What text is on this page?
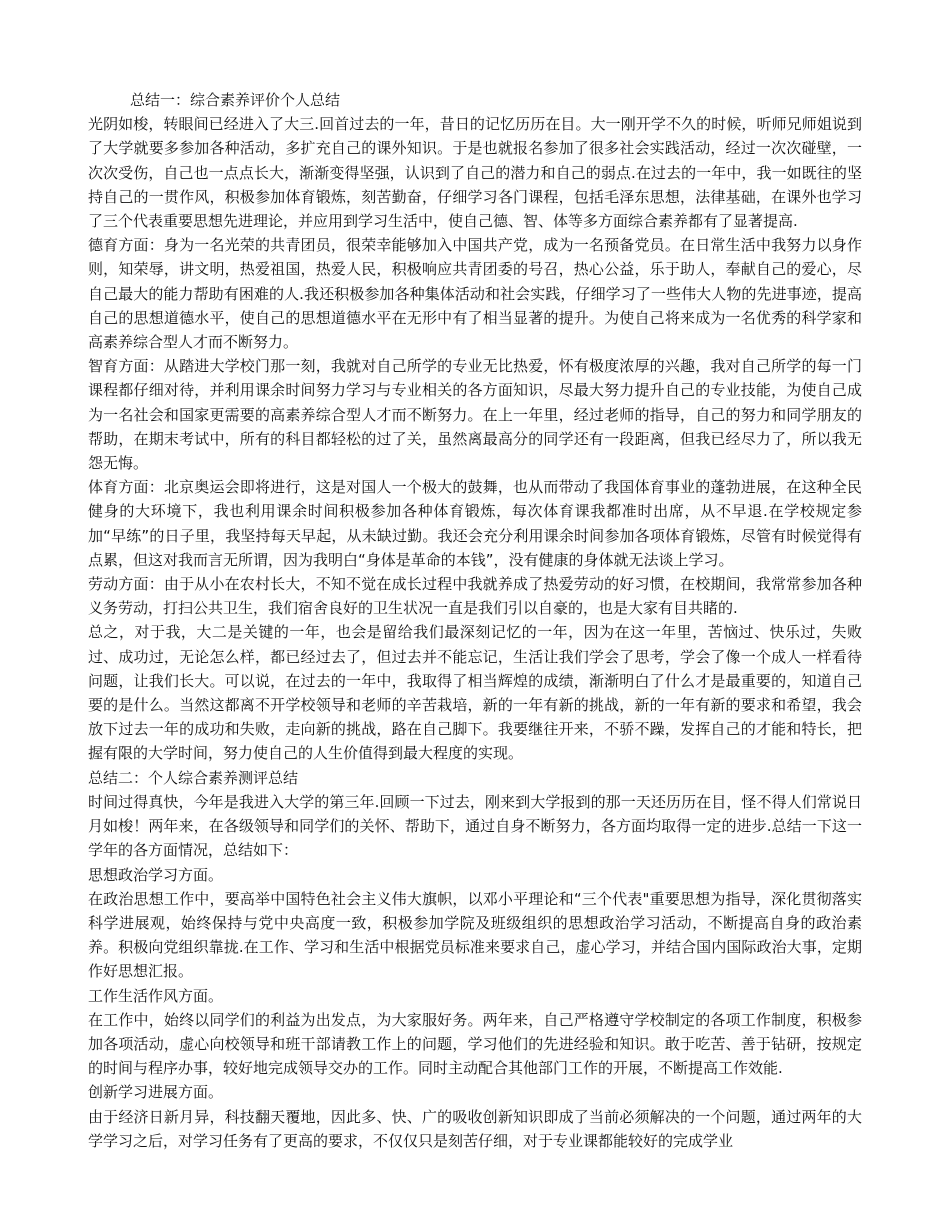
总结一：综合素养评价个人总结

光阴如梭，转眼间已经进入了大三.回首过去的一年，昔日的记忆历历在目。大一刚开学不久的时候，听师兄师姐说到了大学就要多参加各种活动，多扩充自己的课外知识。于是也就报名参加了很多社会实践活动，经过一次次碰壁，一次次受伤，自己也一点点长大，渐渐变得坚强，认识到了自己的潜力和自己的弱点.在过去的一年中，我一如既往的坚持自己的一贯作风，积极参加体育锻炼，刻苦勤奋，仔细学习各门课程，包括毛泽东思想，法律基础，在课外也学习了三个代表重要思想先进理论，并应用到学习生活中，使自己德、智、体等多方面综合素养都有了显著提高.

德育方面：身为一名光荣的共青团员，很荣幸能够加入中国共产党，成为一名预备党员。在日常生活中我努力以身作则，知荣辱，讲文明，热爱祖国，热爱人民，积极响应共青团委的号召，热心公益，乐于助人，奉献自己的爱心，尽自己最大的能力帮助有困难的人.我还积极参加各种集体活动和社会实践，仔细学习了一些伟大人物的先进事迹，提高自己的思想道德水平，使自己的思想道德水平在无形中有了相当显著的提升。为使自己将来成为一名优秀的科学家和高素养综合型人才而不断努力。

智育方面：从踏进大学校门那一刻，我就对自己所学的专业无比热爱，怀有极度浓厚的兴趣，我对自己所学的每一门课程都仔细对待，并利用课余时间努力学习与专业相关的各方面知识，尽最大努力提升自己的专业技能，为使自己成为一名社会和国家更需要的高素养综合型人才而不断努力。在上一年里，经过老师的指导，自己的努力和同学朋友的帮助，在期末考试中，所有的科目都轻松的过了关，虽然离最高分的同学还有一段距离，但我已经尽力了，所以我无怨无悔。

体育方面：北京奥运会即将进行，这是对国人一个极大的鼓舞，也从而带动了我国体育事业的蓬勃进展，在这种全民健身的大环境下，我也利用课余时间积极参加各种体育锻炼，每次体育课我都准时出席，从不早退.在学校规定参加“早练”的日子里，我坚持每天早起，从未缺过勤。我还会充分利用课余时间参加各项体育锻炼，尽管有时候觉得有点累，但这对我而言无所谓，因为我明白“身体是革命的本钱”，没有健康的身体就无法谈上学习。

劳动方面：由于从小在农村长大，不知不觉在成长过程中我就养成了热爱劳动的好习惯，在校期间，我常常参加各种义务劳动，打扫公共卫生，我们宿舍良好的卫生状况一直是我们引以自豪的，也是大家有目共睹的.

总之，对于我，大二是关键的一年，也会是留给我们最深刻记忆的一年，因为在这一年里，苦恼过、快乐过，失败过、成功过，无论怎么样，都已经过去了，但过去并不能忘记，生活让我们学会了思考，学会了像一个成人一样看待问题，让我们长大。可以说，在过去的一年中，我取得了相当辉煌的成绩，渐渐明白了什么才是最重要的，知道自己要的是什么。当然这都离不开学校领导和老师的辛苦栽培，新的一年有新的挑战，新的一年有新的要求和希望，我会放下过去一年的成功和失败，走向新的挑战，路在自己脚下。我要继往开来，不骄不躁，发挥自己的才能和特长，把握有限的大学时间，努力使自己的人生价值得到最大程度的实现。

总结二：个人综合素养测评总结

时间过得真快，今年是我进入大学的第三年.回顾一下过去，刚来到大学报到的那一天还历历在目，怪不得人们常说日月如梭！两年来，在各级领导和同学们的关怀、帮助下，通过自身不断努力，各方面均取得一定的进步.总结一下这一学年的各方面情况，总结如下：

思想政治学习方面。

在政治思想工作中，要高举中国特色社会主义伟大旗帜，以邓小平理论和“三个代表"重要思想为指导，深化贯彻落实科学进展观，始终保持与党中央高度一致，积极参加学院及班级组织的思想政治学习活动，不断提高自身的政治素养。积极向党组织靠拢.在工作、学习和生活中根据党员标准来要求自己，虚心学习，并结合国内国际政治大事，定期作好思想汇报。

工作生活作风方面。

在工作中，始终以同学们的利益为出发点，为大家服好务。两年来，自己严格遵守学校制定的各项工作制度，积极参加各项活动，虚心向校领导和班干部请教工作上的问题，学习他们的先进经验和知识。敢于吃苦、善于钻研，按规定的时间与程序办事，较好地完成领导交办的工作。同时主动配合其他部门工作的开展，不断提高工作效能.

创新学习进展方面。

由于经济日新月异，科技翻天覆地，因此多、快、广的吸收创新知识即成了当前必须解决的一个问题，通过两年的大学学习之后，对学习任务有了更高的要求，不仅仅只是刻苦仔细，对于专业课都能较好的完成学业
